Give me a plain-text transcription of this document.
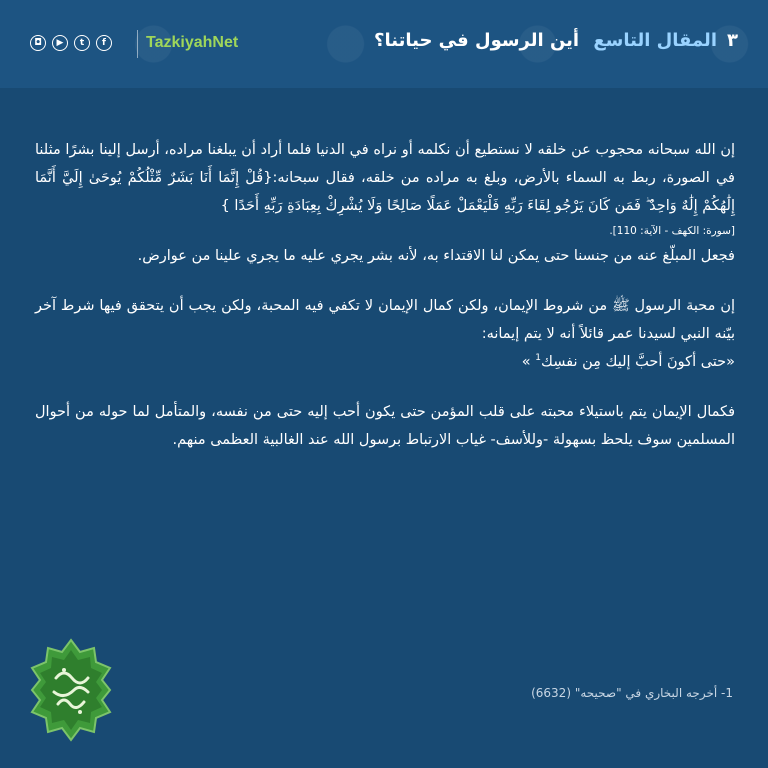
◘	▶	t	f	TazkiyahNet	٣المقال التاسع أين الرسول في حياتنا؟

إن الله سبحانه محجوب عن خلقه لا نستطيع أن نكلمه أو نراه في الدنيا فلما أراد أن يبلغنا مراده، أرسل إلينا بشرًا مثلنا في الصورة، ربط به السماء بالأرض، وبلغ به مراده من خلقه، فقال سبحانه:{قُلْ إِنَّمَا أَنَا بَشَرٌ مِّثْلُكُمْ يُوحَىٰ إِلَيَّ أَنَّمَا إِلَٰهُكُمْ إِلَٰهٌ وَاحِدٌ ۖ فَمَن كَانَ يَرْجُو لِقَاءَ رَبِّهِ فَلْيَعْمَلْ عَمَلًا صَالِحًا وَلَا يُشْرِكْ بِعِبَادَةِ رَبِّهِ أَحَدًا }

[سورة: الكهف - الآية: 110].

فجعل المبلّغ عنه من جنسنا حتى يمكن لنا الاقتداء به، لأنه بشر يجري عليه ما يجري علينا من عوارض.

إن محبة الرسول ﷺ من شروط الإيمان، ولكن كمال الإيمان لا تكفي فيه المحبة، ولكن يجب أن يتحقق فيها شرط آخر بيّنه النبي لسيدنا عمر قائلاً أنه لا يتم إيمانه:

«حتى أكونَ أحبَّ إليك مِن نفسِك$^1$ »

فكمال الإيمان يتم باستيلاء محبته على قلب المؤمن حتى يكون أحب إليه حتى من نفسه، والمتأمل لما حوله من أحوال المسلمين سوف يلحظ بسهولة -وللأسف- غياب الارتباط برسول الله عند الغالبية العظمى منهم.

1- أخرجه البخاري في "صحيحه" (6632)
